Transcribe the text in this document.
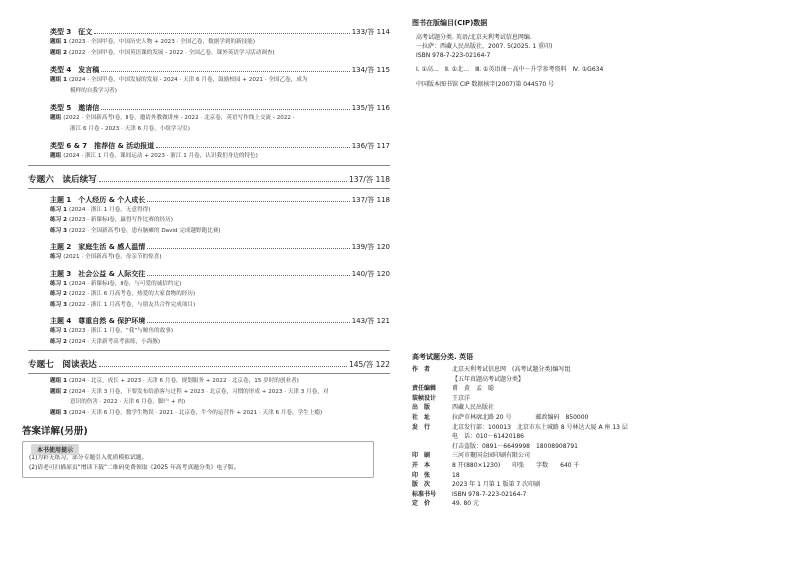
类型 3　征文	133/答 114
题组 1 (2023 · 全国甲卷，中国历史人物 + 2023 · 全国乙卷，数据学到的新技能)
题组 2 (2022 · 全国甲卷，中国英语课的发展 - 2022 · 全国乙卷，课外英语学习活动调查)
类型 4　发言稿	134/答 115
题组 1 (2024 · 全国甲卷，中国发展的发展 - 2024 · 天津 6 月卷，鼓励校园 + 2021 · 全国乙卷，成为
模样的自我学习者)
类型 5　邀请信	135/答 116
题组 (2022 · 全国新高考Ⅰ卷，Ⅱ卷，邀请外教做讲座 - 2022 · 北京卷，英语写作线上交流 - 2022 ·
浙江 6 月卷 - 2023 · 天津 6 月卷，小组学习室)
类型 6 & 7　推荐信 & 活动报道	136/答 117
题组 (2024 · 浙江 1 月卷，课间运动 + 2023 · 浙江 1 月卷，认识我们身边的特色)
专题六　读后续写	137/答 118
主题 1　个人经历 & 个人成长	137/答 118
练习 1 (2024 · 浙江 1 月卷，无意得得)
练习 2 (2023 · 新课标Ⅰ卷，赢得写作比赛的经历)
练习 3 (2022 · 全国新高考Ⅰ卷，患有脑瘫的 David 完成越野跑比赛)
主题 2　家庭生活 & 感人温情	139/答 120
练习 (2021 · 全国新高考Ⅰ卷，母亲节的惊喜)
主题 3　社会公益 & 人际交往	140/答 120
练习 1 (2024 · 新课标Ⅰ卷，Ⅱ卷，与可爱的诚信约定)
练习 2 (2022 · 浙江 6 月高考卷，热爱的大家食物的经历)
练习 3 (2022 · 浙江 1 月高考卷，与朋友共合作完成项目)
主题 4　尊重自然 & 保护环境	143/答 121
练习 1 (2023 · 浙江 1 月卷，“我”与鲸鱼的故事)
练习 2 (2024 · 天津新考高考演练，小海豚)
专题七　阅读表达	145/答 122
题组 1 (2024 · 北京，成长 + 2023 · 天津 6 月卷，规划服务 + 2022 · 北京卷，15 岁时的创业者)
题组 2 (2024 · 天津 3 月卷，下要发布给游客与过程 + 2023 · 北京卷，习惯的形成 + 2023 · 天津 3 月卷，对
意识的伤害 · 2022 · 天津 6 月卷，脚户 + 肉)
题组 3 (2024 · 天津 6 月卷，数学生物误 · 2021 · 北京卷，牛今的运营作 + 2021 · 天津 6 月卷，学生上瘾)
答案详解(另册)
本书使用提示
(1)为彩无纸习，部分专题引入优质模拟试题。
(2)请老可扫描原页“增读下载”二维码免费领取《2025 年高考真题分类》电子版。
图书在版编目(CIP)数据
高考试题分类. 英语/北京天利考试信息网编.
一拉萨：西藏人民出版社，2007. 5(2025. 1 重印)
ISBN 978-7-223-02164-7
Ⅰ. ①高…　Ⅱ. ①北…　Ⅲ. ①英语课－高中－升学参考资料　Ⅳ. ①G634
中国版本图书馆 CIP 数据核字(2007)第 044570 号
高考试题分类. 英语
作　者	北京天利考试信息网　(高考试题分类)编写组
【五年真题高考试题分类】
责任编辑	甫　黄　孟　聪
装帧设计	王京洋
出　版	西藏人民出版社
社　址	拉萨市林廓北路 20 号　　　　邮政编码　850000
发　行	北京发行部：100013　北京市东土城路 8 号林达大厦 A 座 13 层
电　话：010－61420186
打击盗版：0891－6649998　18008908791
印　刷	三河市聚国金园印刷有限公司
开　本	8 开(880×1230)　　印张　　字数　　640 千
印　张	18
版　次	2023 年 1 月第 1 版第 7 次印刷
标准书号	ISBN 978-7-223-02164-7
定　价	49. 80 元
